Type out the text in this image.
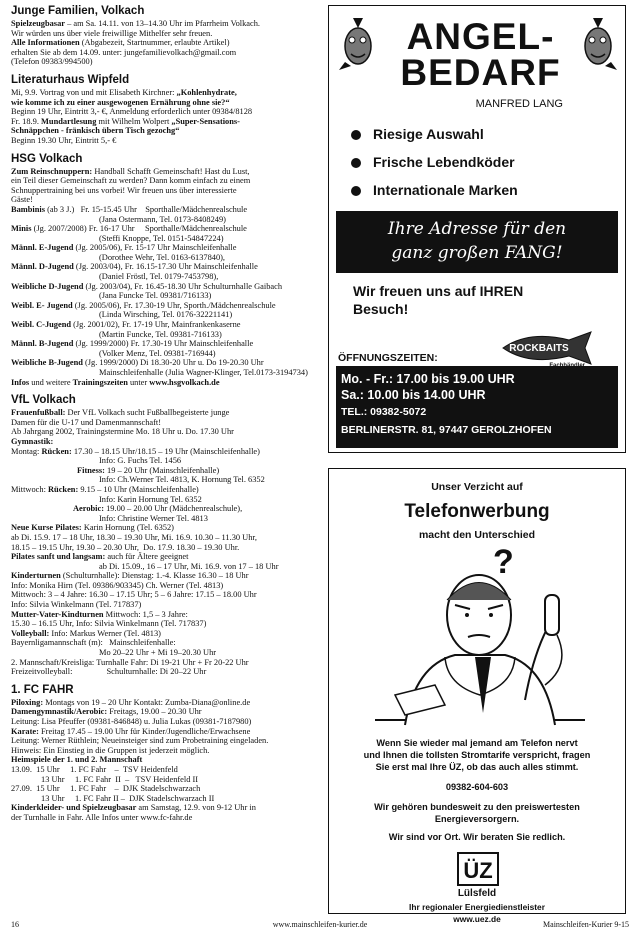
Junge Familien, Volkach

Spielzeugbasar – am Sa. 14.11. von 13–14.30 Uhr im Pfarrheim Volkach.

Wir würden uns über viele freiwillige Mithelfer sehr freuen.

Alle Informationen (Abgabezeit, Startnummer, erlaubte Artikel)

erhalten Sie ab dem 14.09. unter: jungefamilievolkach@gmail.com

(Telefon 09383/994500)

Literaturhaus Wipfeld

Mi, 9.9. Vortrag von und mit Elisabeth Kirchner: „Kohlenhydrate,

wie komme ich zu einer ausgewogenen Ernährung ohne sie?“

Beginn 19 Uhr, Eintritt 3,- €, Anmeldung erforderlich unter 09384/8128

Fr. 18.9. Mundartlesung mit Wilhelm Wolpert „Super-Sensations-

Schnäppchen - fränkisch übern Tisch gezochg“

Beginn 19.30 Uhr, Eintritt 5,- €

HSG Volkach

Zum Reinschnuppern: Handball Schafft Gemeinschaft! Hast du Lust,

ein Teil dieser Gemeinschaft zu werden? Dann komm einfach zu einem

Schnuppertraining bei uns vorbei! Wir freuen uns über interessierte

Gäste!

Bambinis (ab 3 J.)   Fr. 15-15.45 Uhr    Sporthalle/Mädchenrealschule

(Jana Ostermann, Tel. 0173-8408249)

Minis (Jg. 2007/2008) Fr. 16-17 Uhr     Sporthalle/Mädchenrealschule

(Steffi Knoppe, Tel. 0151-54847224)

Männl. E-Jugend (Jg. 2005/06), Fr. 15-17 Uhr Mainschleifenhalle

(Dorothee Wehr, Tel. 0163-6137840),

Männl. D-Jugend (Jg. 2003/04), Fr. 16.15-17.30 Uhr Mainschleifenhalle

(Daniel Fröstl, Tel. 0179-7453798),

Weibliche D-Jugend (Jg. 2003/04), Fr. 16.45-18.30 Uhr Schulturnhalle Gaibach

(Jana Funcke Tel. 09381/716133)

Weibl. E- Jugend (Jg. 2005/06), Fr. 17.30-19 Uhr, Sporth./Mädchenrealschule

(Linda Wirsching, Tel. 0176-32221141)

Weibl. C-Jugend (Jg. 2001/02), Fr. 17-19 Uhr, Mainfrankenkaserne

(Martin Funcke, Tel. 09381-716133)

Männl. B-Jugend (Jg. 1999/2000) Fr. 17.30-19 Uhr Mainschleifenhalle

(Volker Menz, Tel. 09381-716944)

Weibliche B-Jugend (Jg. 1999/2000) Di 18.30-20 Uhr u. Do 19-20.30 Uhr

Mainschleifenhalle (Julia Wagner-Klinger, Tel.0173-3194734)

Infos und weitere Trainingszeiten unter www.hsgvolkach.de

VfL Volkach

Frauenfußball: Der VfL Volkach sucht Fußballbegeisterte junge

Damen für die U-17 und Damenmannschaft!

Ab Jahrgang 2002, Trainingstermine Mo. 18 Uhr u. Do. 17.30 Uhr

Gymnastik:

Montag: Rücken: 17.30 – 18.15 Uhr/18.15 – 19 Uhr (Mainschleifenhalle)

Info: G. Fuchs Tel. 1456

Fitness: 19 – 20 Uhr (Mainschleifenhalle)

Info: Ch.Werner Tel. 4813, K. Hornung Tel. 6352

Mittwoch: Rücken: 9.15 – 10 Uhr (Mainschleifenhalle)

Info: Karin Hornung Tel. 6352

Aerobic: 19.00 – 20.00 Uhr (Mädchenrealschule),

Info: Christine Werner Tel. 4813

Neue Kurse Pilates: Karin Hornung (Tel. 6352)

ab Di. 15.9. 17 – 18 Uhr, 18.30 – 19.30 Uhr, Mi. 16.9. 10.30 – 11.30 Uhr,

18.15 – 19.15 Uhr, 19.30 – 20.30 Uhr,  Do. 17.9. 18.30 – 19.30 Uhr.

Pilates sanft und langsam: auch für Ältere geeignet

ab Di. 15.09., 16 – 17 Uhr, Mi. 16.9. von 17 – 18 Uhr

Kinderturnen (Schulturnhalle): Dienstag: 1.-4. Klasse 16.30 – 18 Uhr

Info: Monika Hirn (Tel. 09386/903345) Ch. Werner (Tel. 4813)

Mittwoch: 3 – 4 Jahre: 16.30 – 17.15 Uhr; 5 – 6 Jahre: 17.15 – 18.00 Uhr

Info: Silvia Winkelmann (Tel. 717837)

Mutter-Vater-Kindturnen Mittwoch: 1,5 – 3 Jahre:

15.30 – 16.15 Uhr, Info: Silvia Winkelmann (Tel. 717837)

Volleyball: Info: Markus Werner (Tel. 4813)

Bayernligamannschaft (m):   Mainschleifenhalle:

Mo 20–22 Uhr + Mi 19–20.30 Uhr

2. Mannschaft/Kreisliga: Turnhalle Fahr: Di 19-21 Uhr + Fr 20-22 Uhr

Freizeitvolleyball:	Schulturnhalle: Di 20–22 Uhr

1. FC FAHR

Piloxing: Montags von 19 – 20 Uhr Kontakt: Zumba-Diana@online.de

Damengymnastik/Aerobic: Freitags, 19.00 – 20.30 Uhr

Leitung: Lisa Pfeuffer (09381-846848) u. Julia Lukas (09381-7187980)

Karate: Freitag 17.45 – 19.00 Uhr für Kinder/Jugendliche/Erwachsene

Leitung: Werner Rüthlein; Neueinsteiger sind zum Probetraining eingeladen.

Hinweis: Ein Einstieg in die Gruppen ist jederzeit möglich.

Heimspiele der 1. und 2. Mannschaft

13.09.  15 Uhr     1. FC Fahr    –  TSV Heidenfeld

13 Uhr     1. FC Fahr  II  –   TSV Heidenfeld II

27.09.  15 Uhr     1. FC Fahr    –  DJK Stadelschwarzach

13 Uhr     1. FC Fahr II –  DJK Stadelschwarzach II

Kinderkleider- und Spielzeugbasar am Samstag, 12.9. von 9-12 Uhr in

der Turnhalle in Fahr. Alle Infos unter www.fc-fahr.de

ANGEL-
BEDARF
MANFRED LANG
Riesige Auswahl
Frische Lebendköder
Internationale Marken
Ihre Adresse für den
ganz großen FANG!
Wir freuen uns auf IHREN
Besuch!
ROCKBAITS
ÖFFNUNGSZEITEN:
Mo. - Fr.: 17.00 bis 19.00 UHR
Sa.: 10.00 bis 14.00 UHR
TEL.: 09382-5072
BERLINERSTR. 81, 97447 GEROLZHOFEN
Unser Verzicht auf
Telefonwerbung
macht den Unterschied
?
Wenn Sie wieder mal jemand am Telefon nervt
und Ihnen die tollsten Stromtarife verspricht, fragen
Sie erst mal Ihre ÜZ, ob das auch alles stimmt.
09382-604-603
Wir gehören bundesweit zu den preiswertesten
Energieversorgern.
Wir sind vor Ort. Wir beraten Sie redlich.
ÜZ
Lülsfeld
Ihr regionaler Energiedienstleister
www.uez.de
16	www.mainschleifen-kurier.de	Mainschleifen-Kurier 9-15
